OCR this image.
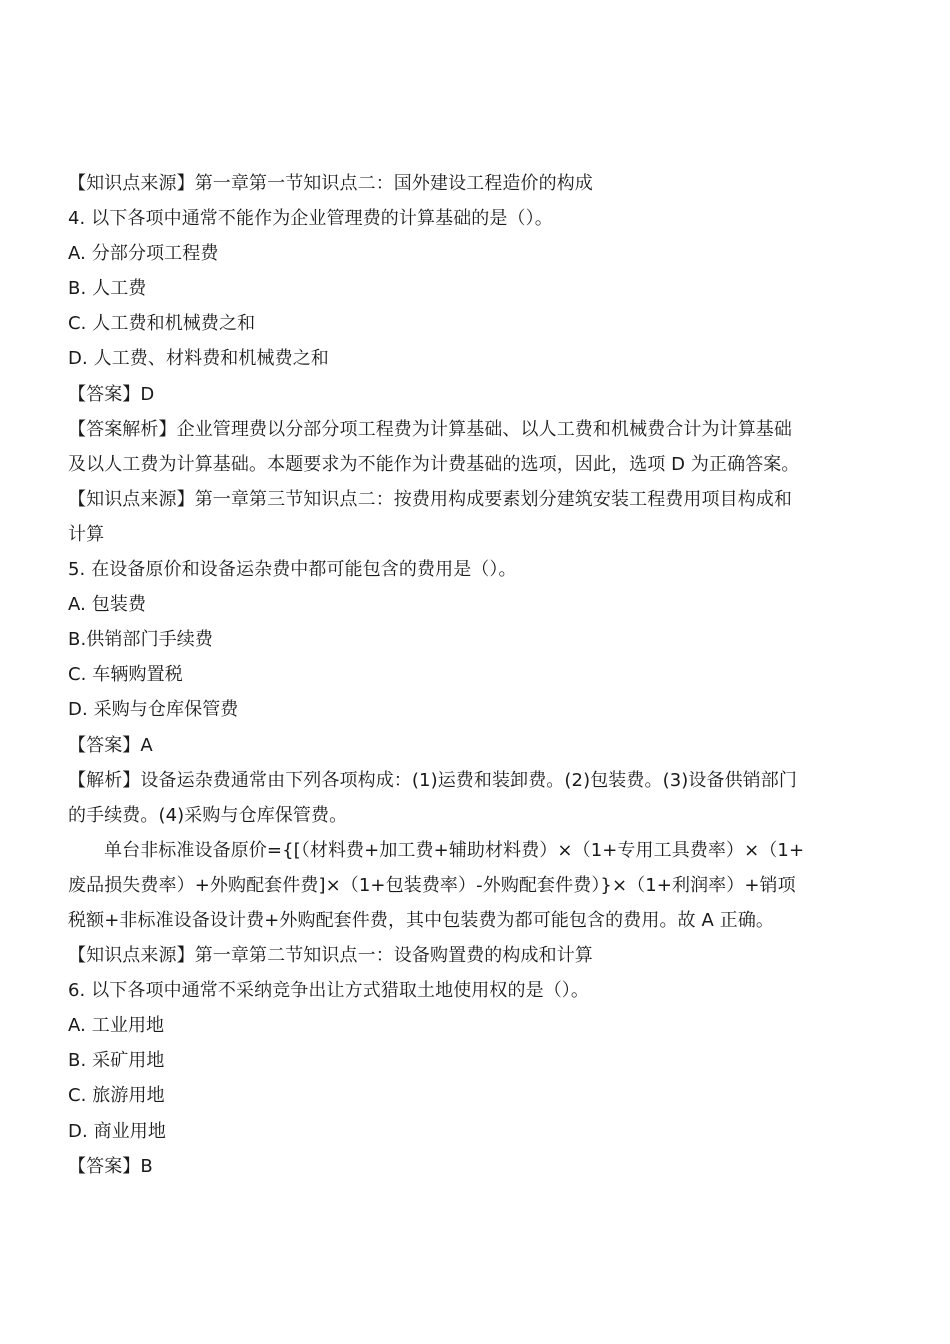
【知识点来源】第一章第一节知识点二：国外建设工程造价的构成
4. 以下各项中通常不能作为企业管理费的计算基础的是（）。
A. 分部分项工程费
B. 人工费
C. 人工费和机械费之和
D. 人工费、材料费和机械费之和
【答案】D
【答案解析】企业管理费以分部分项工程费为计算基础、以人工费和机械费合计为计算基础
及以人工费为计算基础。本题要求为不能作为计费基础的选项，因此，选项 D 为正确答案。
【知识点来源】第一章第三节知识点二：按费用构成要素划分建筑安装工程费用项目构成和
计算
5. 在设备原价和设备运杂费中都可能包含的费用是（）。
A. 包装费
B.供销部门手续费
C. 车辆购置税
D. 采购与仓库保管费
【答案】A
【解析】设备运杂费通常由下列各项构成：(1)运费和装卸费。(2)包装费。(3)设备供销部门
的手续费。(4)采购与仓库保管费。
单台非标准设备原价={[（材料费+加工费+辅助材料费）×（1+专用工具费率）×（1+
废品损失费率）+外购配套件费]×（1+包装费率）-外购配套件费）}×（1+利润率）+销项
税额+非标准设备设计费+外购配套件费，其中包装费为都可能包含的费用。故 A 正确。
【知识点来源】第一章第二节知识点一：设备购置费的构成和计算
6. 以下各项中通常不采纳竞争出让方式猎取土地使用权的是（）。
A. 工业用地
B. 采矿用地
C. 旅游用地
D. 商业用地
【答案】B
